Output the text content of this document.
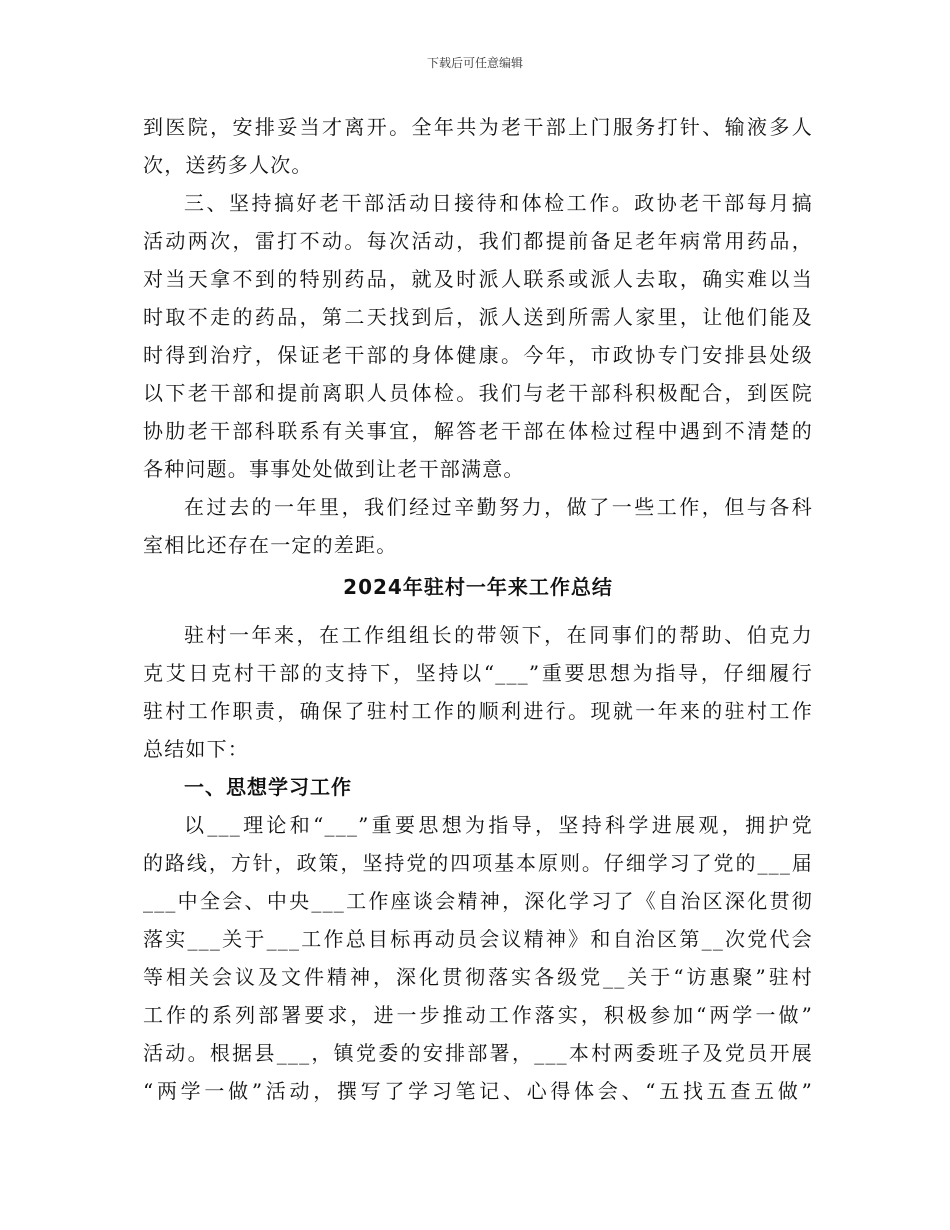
下载后可任意编辑
到医院，安排妥当才离开。全年共为老干部上门服务打针、输液多人
次，送药多人次。
三、坚持搞好老干部活动日接待和体检工作。政协老干部每月搞
活动两次，雷打不动。每次活动，我们都提前备足老年病常用药品，
对当天拿不到的特别药品，就及时派人联系或派人去取，确实难以当
时取不走的药品，第二天找到后，派人送到所需人家里，让他们能及
时得到治疗，保证老干部的身体健康。今年，市政协专门安排县处级
以下老干部和提前离职人员体检。我们与老干部科积极配合，到医院
协肋老干部科联系有关事宜，解答老干部在体检过程中遇到不清楚的
各种问题。事事处处做到让老干部满意。
在过去的一年里，我们经过辛勤努力，做了一些工作，但与各科
室相比还存在一定的差距。
2024年驻村一年来工作总结
驻村一年来，在工作组组长的带领下，在同事们的帮助、伯克力
克艾日克村干部的支持下，坚持以“___”重要思想为指导，仔细履行
驻村工作职责，确保了驻村工作的顺利进行。现就一年来的驻村工作
总结如下：
一、思想学习工作
以___理论和“___”重要思想为指导，坚持科学进展观，拥护党
的路线，方针，政策，坚持党的四项基本原则。仔细学习了党的___届
___中全会、中央___工作座谈会精神，深化学习了《自治区深化贯彻
落实___关于___工作总目标再动员会议精神》和自治区第__次党代会
等相关会议及文件精神，深化贯彻落实各级党__关于“访惠聚”驻村
工作的系列部署要求，进一步推动工作落实，积极参加“两学一做”
活动。根据县___，镇党委的安排部署，___本村两委班子及党员开展
“两学一做”活动，撰写了学习笔记、心得体会、“五找五查五做”
